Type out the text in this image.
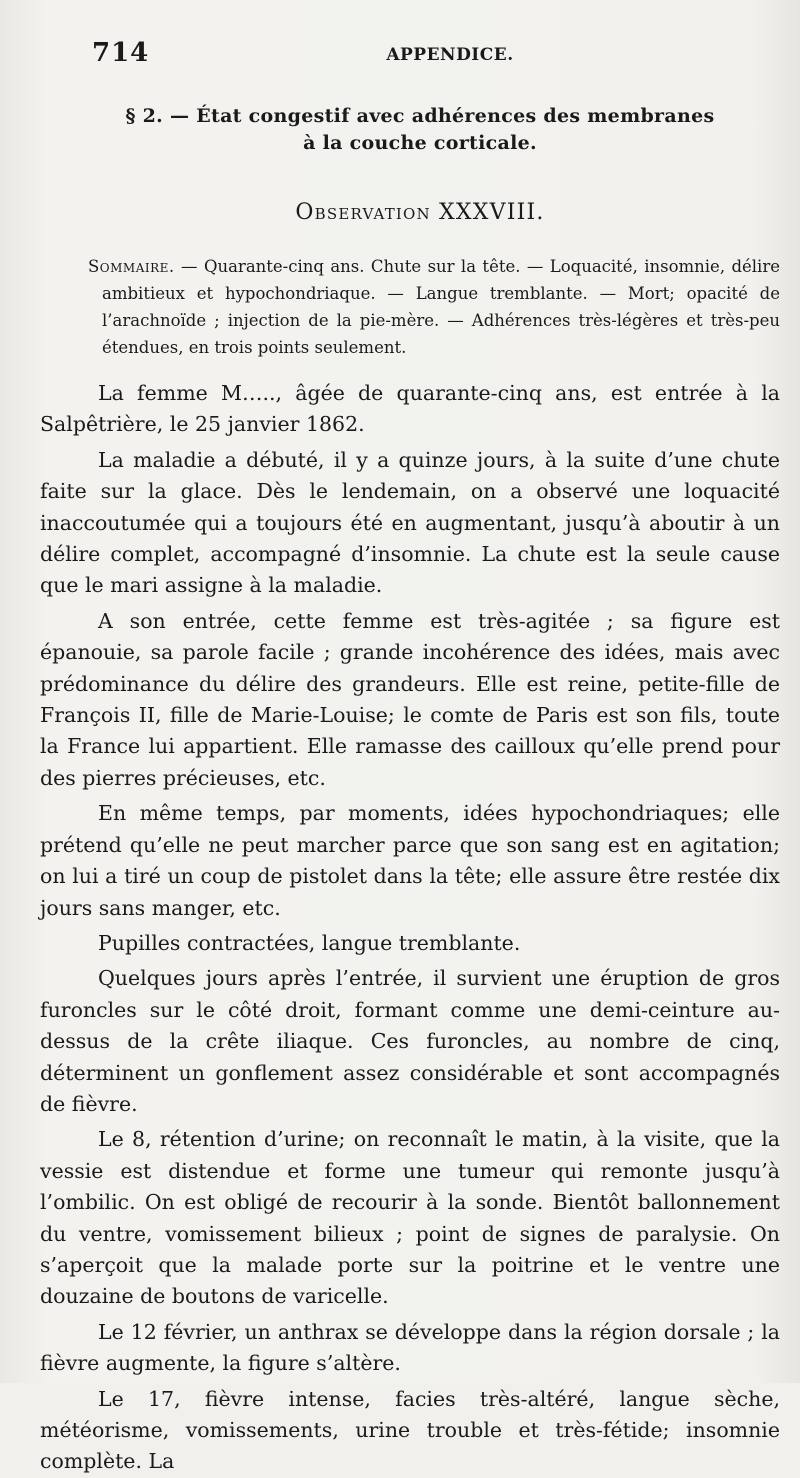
714	APPENDICE.
§ 2. — État congestif avec adhérences des membranes
à la couche corticale.
Observation XXXVIII.
Sommaire. — Quarante-cinq ans. Chute sur la tête. — Loquacité, insomnie, délire ambitieux et hypochondriaque. — Langue tremblante. — Mort; opacité de l’arachnoïde ; injection de la pie-mère. — Adhérences très-légères et très-peu étendues, en trois points seulement.

La femme M….., âgée de quarante-cinq ans, est entrée à la Salpêtrière, le 25 janvier 1862.

La maladie a débuté, il y a quinze jours, à la suite d’une chute faite sur la glace. Dès le lendemain, on a observé une loquacité inaccoutumée qui a toujours été en augmentant, jusqu’à aboutir à un délire complet, accompagné d’insomnie. La chute est la seule cause que le mari assigne à la maladie.

A son entrée, cette femme est très-agitée ; sa figure est épanouie, sa parole facile ; grande incohérence des idées, mais avec prédominance du délire des grandeurs. Elle est reine, petite-fille de François II, fille de Marie-Louise; le comte de Paris est son fils, toute la France lui appartient. Elle ramasse des cailloux qu’elle prend pour des pierres précieuses, etc.

En même temps, par moments, idées hypochondriaques; elle prétend qu’elle ne peut marcher parce que son sang est en agitation; on lui a tiré un coup de pistolet dans la tête; elle assure être restée dix jours sans manger, etc.

Pupilles contractées, langue tremblante.

Quelques jours après l’entrée, il survient une éruption de gros furoncles sur le côté droit, formant comme une demi-ceinture au-dessus de la crête iliaque. Ces furoncles, au nombre de cinq, déterminent un gonflement assez considérable et sont accompagnés de fièvre.

Le 8, rétention d’urine; on reconnaît le matin, à la visite, que la vessie est distendue et forme une tumeur qui remonte jusqu’à l’ombilic. On est obligé de recourir à la sonde. Bientôt ballonnement du ventre, vomissement bilieux ; point de signes de paralysie. On s’aperçoit que la malade porte sur la poitrine et le ventre une douzaine de boutons de varicelle.

Le 12 février, un anthrax se développe dans la région dorsale ; la fièvre augmente, la figure s’altère.

Le 17, fièvre intense, facies très-altéré, langue sèche, météorisme, vomissements, urine trouble et très-fétide; insomnie complète. La
